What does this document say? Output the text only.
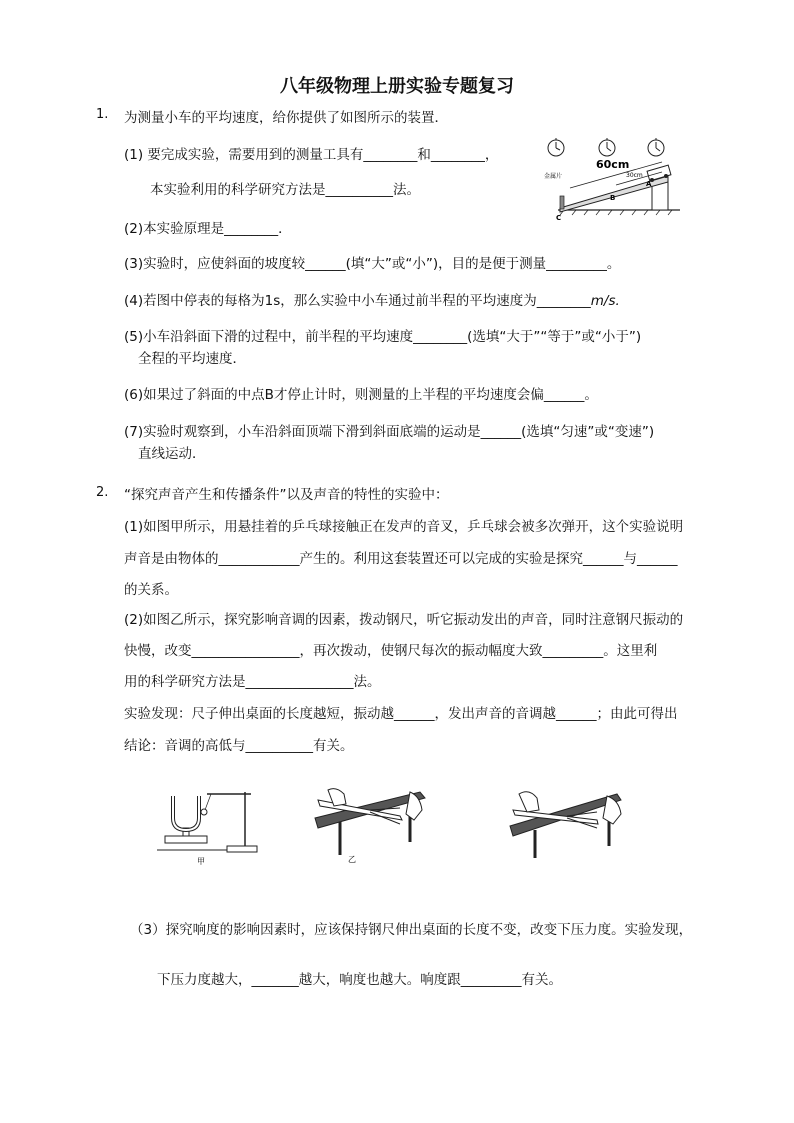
八年级物理上册实验专题复习
1. 为测量小车的平均速度，给你提供了如图所示的装置．
(1) 要完成实验，需要用到的测量工具有________和________，
本实验利用的科学研究方法是__________法。
(2)本实验原理是________．
(3)实验时，应使斜面的坡度较______(填“大”或“小”)，目的是便于测量_________。
(4)若图中停表的每格为1s，那么实验中小车通过前半程的平均速度为________m/s.
(5)小车沿斜面下滑的过程中，前半程的平均速度________(选填“大于”“等于”或“小于”)
全程的平均速度．
(6)如果过了斜面的中点B才停止计时，则测量的上半程的平均速度会偏______。
(7)实验时观察到，小车沿斜面顶端下滑到斜面底端的运动是______(选填“匀速”或“变速”)
直线运动．
60cm
30cm
A
B
C
金属片
2. “探究声音产生和传播条件”以及声音的特性的实验中：
(1)如图甲所示，用悬挂着的乒乓球接触正在发声的音叉，乒乓球会被多次弹开，这个实验说明
声音是由物体的____________产生的。利用这套装置还可以完成的实验是探究______与______
的关系。
(2)如图乙所示，探究影响音调的因素，拨动钢尺，听它振动发出的声音，同时注意钢尺振动的
快慢，改变________________，再次拨动，使钢尺每次的振动幅度大致_________。这里利
用的科学研究方法是________________法。
实验发现：尺子伸出桌面的长度越短，振动越______，发出声音的音调越______；由此可得出
结论：音调的高低与__________有关。
甲	乙
（3）探究响度的影响因素时，应该保持钢尺伸出桌面的长度不变，改变下压力度。实验发现，
下压力度越大，_______越大，响度也越大。响度跟_________有关。
